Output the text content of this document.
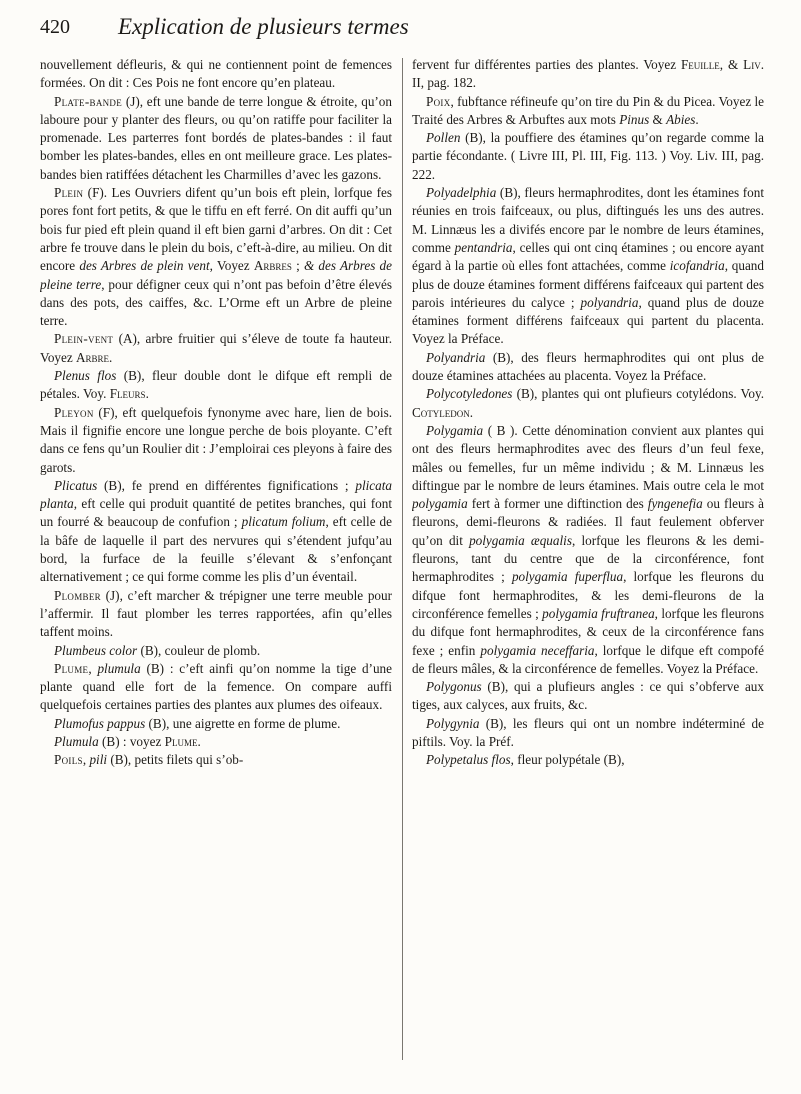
420 Explication de plusieurs termes

nouvellement défleuris, & qui ne contiennent point de femences formées. On dit : Ces Pois ne font encore qu’en plateau.

Plate-bande (J), eft une bande de terre longue & étroite, qu’on laboure pour y planter des fleurs, ou qu’on ratiffe pour faciliter la promenade. Les parterres font bordés de plates-bandes : il faut bomber les plates-bandes, elles en ont meilleure grace. Les plates-bandes bien ratiffées détachent les Charmilles d’avec les gazons.

Plein (F). Les Ouvriers difent qu’un bois eft plein, lorfque fes pores font fort petits, & que le tiffu en eft ferré. On dit auffi qu’un bois fur pied eft plein quand il eft bien garni d’arbres. On dit : Cet arbre fe trouve dans le plein du bois, c’eft-à-dire, au milieu. On dit encore des Arbres de plein vent, Voyez Arbres ; & des Arbres de pleine terre, pour défigner ceux qui n’ont pas befoin d’être élevés dans des pots, des caiffes, &c. L’Orme eft un Arbre de pleine terre.

Plein-vent (A), arbre fruitier qui s’éleve de toute fa hauteur. Voyez Arbre.

Plenus flos (B), fleur double dont le difque eft rempli de pétales. Voy. Fleurs.

Pleyon (F), eft quelquefois fynonyme avec hare, lien de bois. Mais il fignifie encore une longue perche de bois ployante. C’eft dans ce fens qu’un Roulier dit : J’emploirai ces pleyons à faire des garots.

Plicatus (B), fe prend en différentes fignifications ; plicata planta, eft celle qui produit quantité de petites branches, qui font un fourré & beaucoup de confufion ; plicatum folium, eft celle de la bâfe de laquelle il part des nervures qui s’étendent jufqu’au bord, la furface de la feuille s’élevant & s’enfonçant alternativement ; ce qui forme comme les plis d’un éventail.

Plomber (J), c’eft marcher & trépigner une terre meuble pour l’affermir. Il faut plomber les terres rapportées, afin qu’elles taffent moins.

Plumbeus color (B), couleur de plomb.

Plume, plumula (B) : c’eft ainfi qu’on nomme la tige d’une plante quand elle fort de la femence. On compare auffi quelquefois certaines parties des plantes aux plumes des oifeaux.

Plumofus pappus (B), une aigrette en forme de plume.

Plumula (B) : voyez Plume.

Poils, pili (B), petits filets qui s’ob-

fervent fur différentes parties des plantes. Voyez Feuille, & Liv. II, pag. 182.

Poix, fubftance réfineufe qu’on tire du Pin & du Picea. Voyez le Traité des Arbres & Arbuftes aux mots Pinus & Abies.

Pollen (B), la pouffiere des étamines qu’on regarde comme la partie fécondante. ( Livre III, Pl. III, Fig. 113. ) Voy. Liv. III, pag. 222.

Polyadelphia (B), fleurs hermaphrodites, dont les étamines font réunies en trois faifceaux, ou plus, diftingués les uns des autres. M. Linnæus les a divifés encore par le nombre de leurs étamines, comme pentandria, celles qui ont cinq étamines ; ou encore ayant égard à la partie où elles font attachées, comme icofandria, quand plus de douze étamines forment différens faifceaux qui partent des parois intérieures du calyce ; polyandria, quand plus de douze étamines forment différens faifceaux qui partent du placenta. Voyez la Préface.

Polyandria (B), des fleurs hermaphrodites qui ont plus de douze étamines attachées au placenta. Voyez la Préface.

Polycotyledones (B), plantes qui ont plufieurs cotylédons. Voy. Cotyledon.

Polygamia ( B ). Cette dénomination convient aux plantes qui ont des fleurs hermaphrodites avec des fleurs d’un feul fexe, mâles ou femelles, fur un même individu ; & M. Linnæus les diftingue par le nombre de leurs étamines. Mais outre cela le mot polygamia fert à former une diftinction des fyngenefia ou fleurs à fleurons, demi-fleurons & radiées. Il faut feulement obferver qu’on dit polygamia æqualis, lorfque les fleurons & les demi-fleurons, tant du centre que de la circonférence, font hermaphrodites ; polygamia fuperflua, lorfque les fleurons du difque font hermaphrodites, & les demi-fleurons de la circonférence femelles ; polygamia fruftranea, lorfque les fleurons du difque font hermaphrodites, & ceux de la circonférence fans fexe ; enfin polygamia neceffaria, lorfque le difque eft compofé de fleurs mâles, & la circonférence de femelles. Voyez la Préface.

Polygonus (B), qui a plufieurs angles : ce qui s’obferve aux tiges, aux calyces, aux fruits, &c.

Polygynia (B), les fleurs qui ont un nombre indéterminé de piftils. Voy. la Préf.

Polypetalus flos, fleur polypétale (B),
